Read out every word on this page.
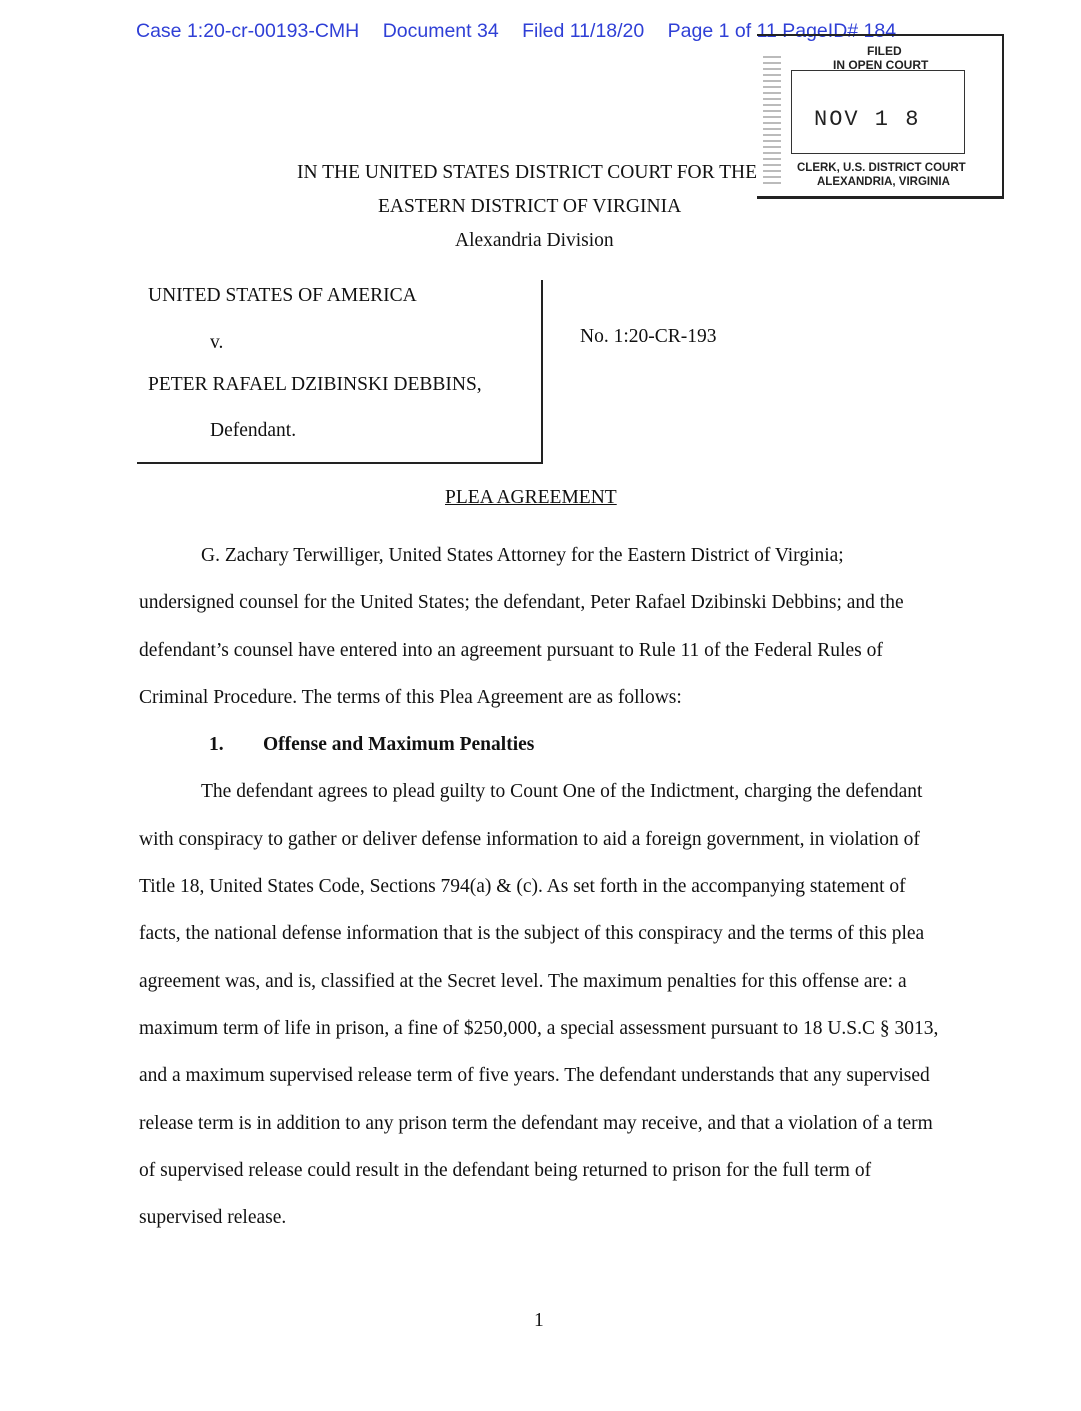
Case 1:20-cr-00193-CMH Document 34 Filed 11/18/20 Page 1 of 11 PageID# 184
FILED
IN OPEN COURT
NOV 1 8
CLERK, U.S. DISTRICT COURT
ALEXANDRIA, VIRGINIA
IN THE UNITED STATES DISTRICT COURT FOR THE
EASTERN DISTRICT OF VIRGINIA
Alexandria Division
UNITED STATES OF AMERICA
v.
PETER RAFAEL DZIBINSKI DEBBINS,
Defendant.
No. 1:20-CR-193
PLEA AGREEMENT

G. Zachary Terwilliger, United States Attorney for the Eastern District of Virginia; undersigned counsel for the United States; the defendant, Peter Rafael Dzibinski Debbins; and the defendant’s counsel have entered into an agreement pursuant to Rule 11 of the Federal Rules of Criminal Procedure. The terms of this Plea Agreement are as follows:

1. Offense and Maximum Penalties

The defendant agrees to plead guilty to Count One of the Indictment, charging the defendant with conspiracy to gather or deliver defense information to aid a foreign government, in violation of Title 18, United States Code, Sections 794(a) & (c). As set forth in the accompanying statement of facts, the national defense information that is the subject of this conspiracy and the terms of this plea agreement was, and is, classified at the Secret level. The maximum penalties for this offense are: a maximum term of life in prison, a fine of $250,000, a special assessment pursuant to 18 U.S.C § 3013, and a maximum supervised release term of five years. The defendant understands that any supervised release term is in addition to any prison term the defendant may receive, and that a violation of a term of supervised release could result in the defendant being returned to prison for the full term of supervised release.

1
